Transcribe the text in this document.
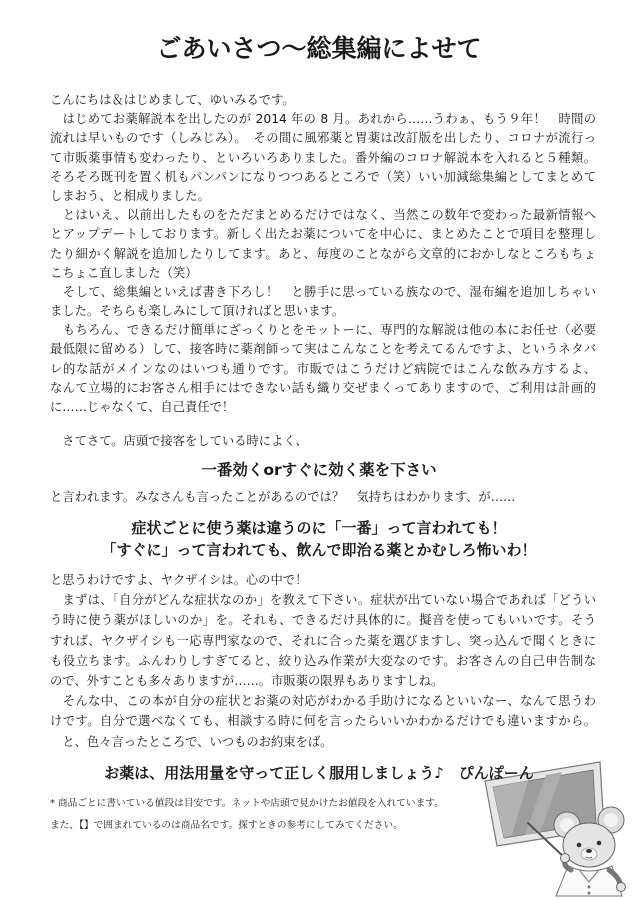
ごあいさつ〜総集編によせて
こんにちは＆はじめまして、ゆいみるです。
　はじめてお薬解説本を出したのが 2014 年の 8 月。あれから……うわぁ、もう９年！　時間の
流れは早いものです（しみじみ）。　その間に風邪薬と胃薬は改訂版を出したり、コロナが流行っ
て市販薬事情も変わったり、といろいろありました。番外編のコロナ解説本を入れると５種類。
そろそろ既刊を置く机もパンパンになりつつあるところで（笑）いい加減総集編としてまとめて
しまおう、と相成りました。
　とはいえ、以前出したものをただまとめるだけではなく、当然この数年で変わった最新情報へ
とアップデートしております。新しく出たお薬についてを中心に、まとめたことで項目を整理し
たり細かく解説を追加したりしてます。あと、毎度のことながら文章的におかしなところもちょ
こちょこ直しました（笑）
　そして、総集編といえば書き下ろし！　と勝手に思っている族なので、湿布編を追加しちゃい
ました。そちらも楽しみにして頂ければと思います。
　もちろん、できるだけ簡単にざっくりとをモットーに、専門的な解説は他の本にお任せ（必要
最低限に留める）して、接客時に薬剤師って実はこんなことを考えてるんですよ、というネタバ
レ的な話がメインなのはいつも通りです。市販ではこうだけど病院ではこんな飲み方するよ、
なんて立場的にお客さん相手にはできない話も織り交ぜまくってありますので、ご利用は計画的
に……じゃなくて、自己責任で！
　さてさて。店頭で接客をしている時によく、
一番効くorすぐに効く薬を下さい
と言われます。みなさんも言ったことがあるのでは？　気持ちはわかります、が……
症状ごとに使う薬は違うのに「一番」って言われても！
「すぐに」って言われても、飲んで即治る薬とかむしろ怖いわ！
と思うわけですよ、ヤクザイシは。心の中で！
　まずは、「自分がどんな症状なのか」を教えて下さい。症状が出ていない場合であれば「どうい
う時に使う薬がほしいのか」を。それも、できるだけ具体的に。擬音を使ってもいいです。そう
すれば、ヤクザイシも一応専門家なので、それに合った薬を選びますし、突っ込んで聞くときに
も役立ちます。ふんわりしすぎてると、絞り込み作業が大変なのです。お客さんの自己申告制な
ので、外すことも多々ありますが……。市販薬の限界もありますしね。
　そんな中、この本が自分の症状とお薬の対応がわかる手助けになるといいなー、なんて思うわ
けです。自分で選べなくても、相談する時に何を言ったらいいかわかるだけでも違いますから。
　と、色々言ったところで、いつものお約束をば。
お薬は、用法用量を守って正しく服用しましょう♪　ぴんぽーん
* 商品ごとに書いている値段は目安です。ネットや店頭で見かけたお値段を入れています。
また、【】で囲まれているのは商品名です。探すときの参考にしてみてください。
